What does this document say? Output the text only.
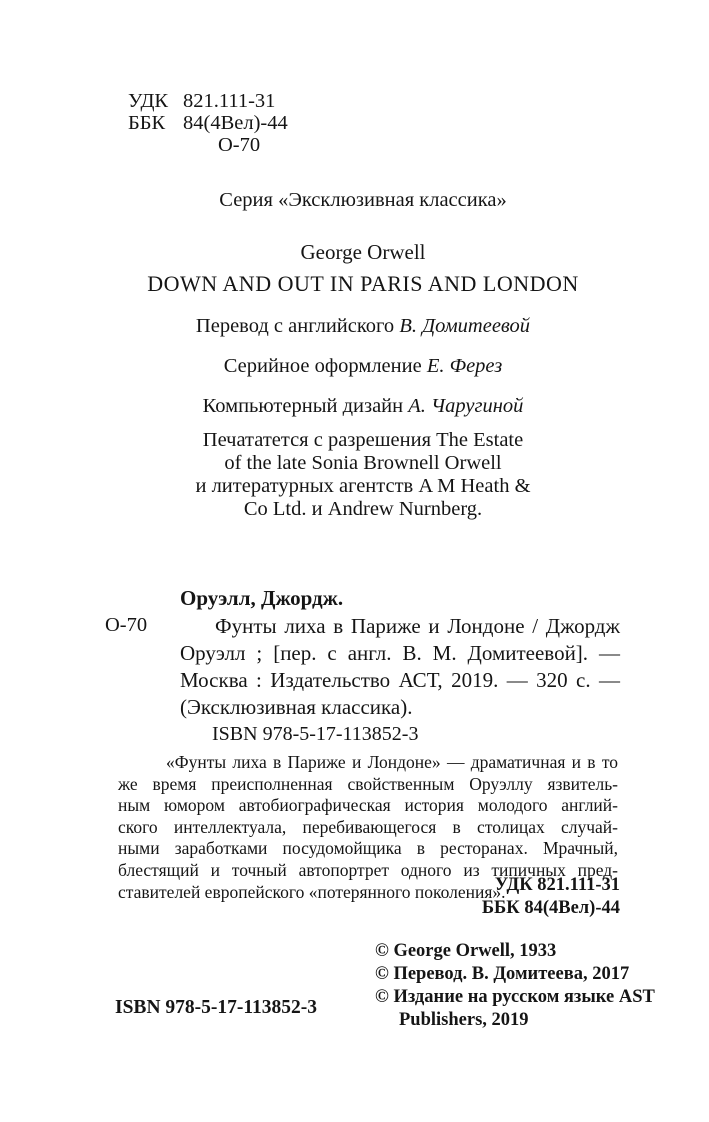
УДК 821.111-31
ББК 84(4Вел)-44
О-70
Серия «Эксклюзивная классика»
George Orwell
DOWN AND OUT IN PARIS AND LONDON
Перевод с английского В. Домитеевой
Серийное оформление Е. Ферез
Компьютерный дизайн А. Чаругиной
Печататется с разрешения The Estate
of the late Sonia Brownell Orwell
и литературных агентств A M Heath &
Co Ltd. и Andrew Nurnberg.
Оруэлл, Джордж.
О-70	Фунты лиха в Париже и Лондоне / Джордж
Оруэлл ; [пер. с англ. В. М. Домитеевой]. —
Москва : Издательство АСТ, 2019. — 320 с. —
(Эксклюзивная классика).
ISBN 978-5-17-113852-3
«Фунты лиха в Париже и Лондоне» — драматичная и в то
же время преисполненная свойственным Оруэллу язвитель-
ным юмором автобиографическая история молодого англий-
ского интеллектуала, перебивающегося в столицах случай-
ными заработками посудомойщика в ресторанах. Мрачный,
блестящий и точный автопортрет одного из типичных пред-
ставителей европейского «потерянного поколения».
УДК 821.111-31
ББК 84(4Вел)-44
ISBN 978-5-17-113852-3
© George Orwell, 1933
© Перевод. В. Домитеева, 2017
© Издание на русском языке AST
Publishers, 2019
